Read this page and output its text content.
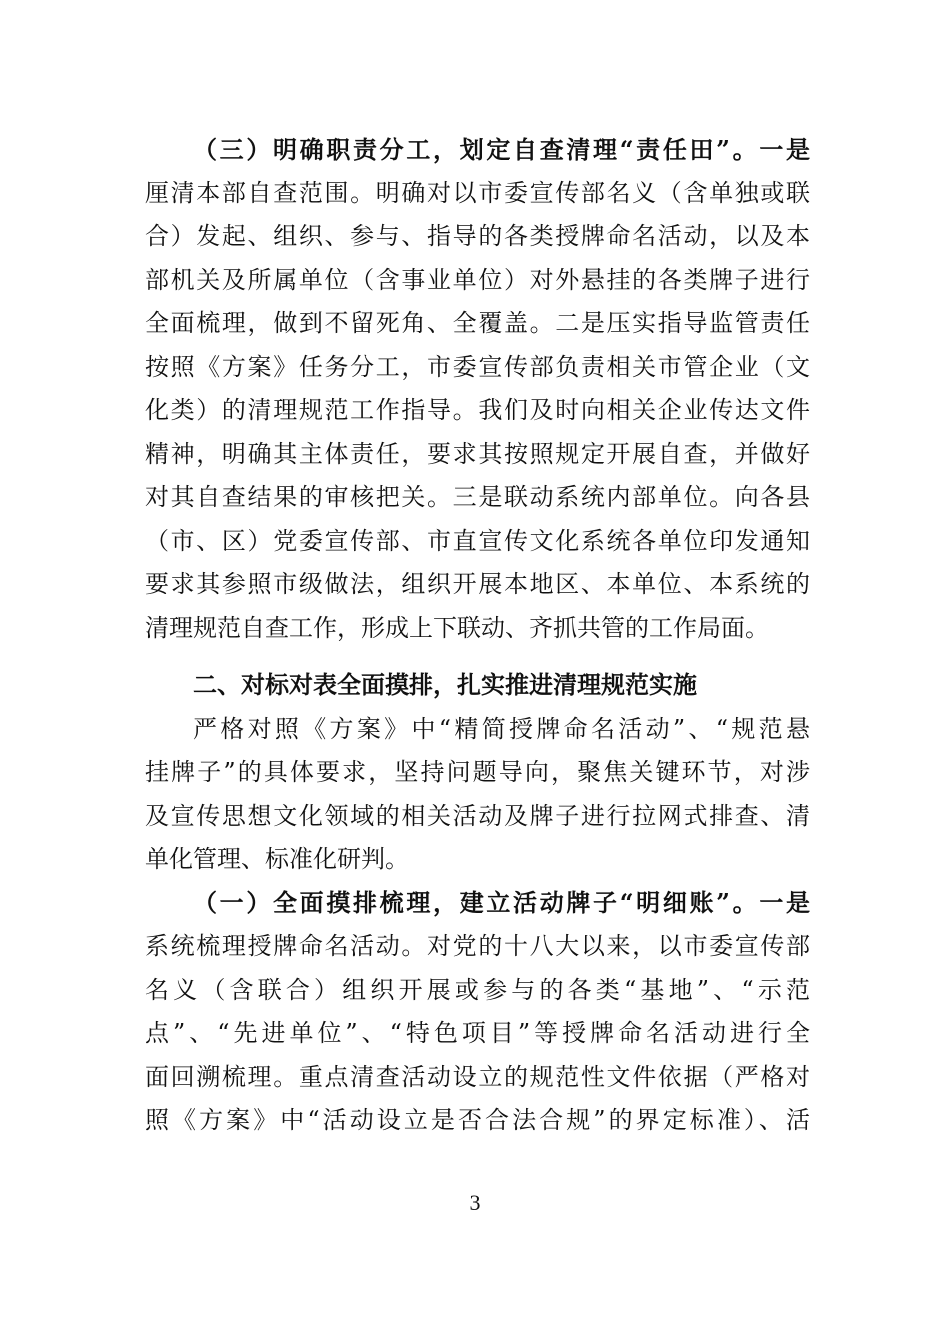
（三）明确职责分工，划定自查清理“责任田”。一是
厘清本部自查范围。明确对以市委宣传部名义（含单独或联
合）发起、组织、参与、指导的各类授牌命名活动，以及本
部机关及所属单位（含事业单位）对外悬挂的各类牌子进行
全面梳理，做到不留死角、全覆盖。二是压实指导监管责任
按照《方案》任务分工，市委宣传部负责相关市管企业（文
化类）的清理规范工作指导。我们及时向相关企业传达文件
精神，明确其主体责任，要求其按照规定开展自查，并做好
对其自查结果的审核把关。三是联动系统内部单位。向各县
（市、区）党委宣传部、市直宣传文化系统各单位印发通知
要求其参照市级做法，组织开展本地区、本单位、本系统的
清理规范自查工作，形成上下联动、齐抓共管的工作局面。
二、对标对表全面摸排，扎实推进清理规范实施
严格对照《方案》中“精简授牌命名活动”、“规范悬
挂牌子”的具体要求，坚持问题导向，聚焦关键环节，对涉
及宣传思想文化领域的相关活动及牌子进行拉网式排查、清
单化管理、标准化研判。
（一）全面摸排梳理，建立活动牌子“明细账”。一是
系统梳理授牌命名活动。对党的十八大以来，以市委宣传部
名义（含联合）组织开展或参与的各类“基地”、“示范
点”、“先进单位”、“特色项目”等授牌命名活动进行全
面回溯梳理。重点清查活动设立的规范性文件依据（严格对
照《方案》中“活动设立是否合法合规”的界定标准）、活
3
